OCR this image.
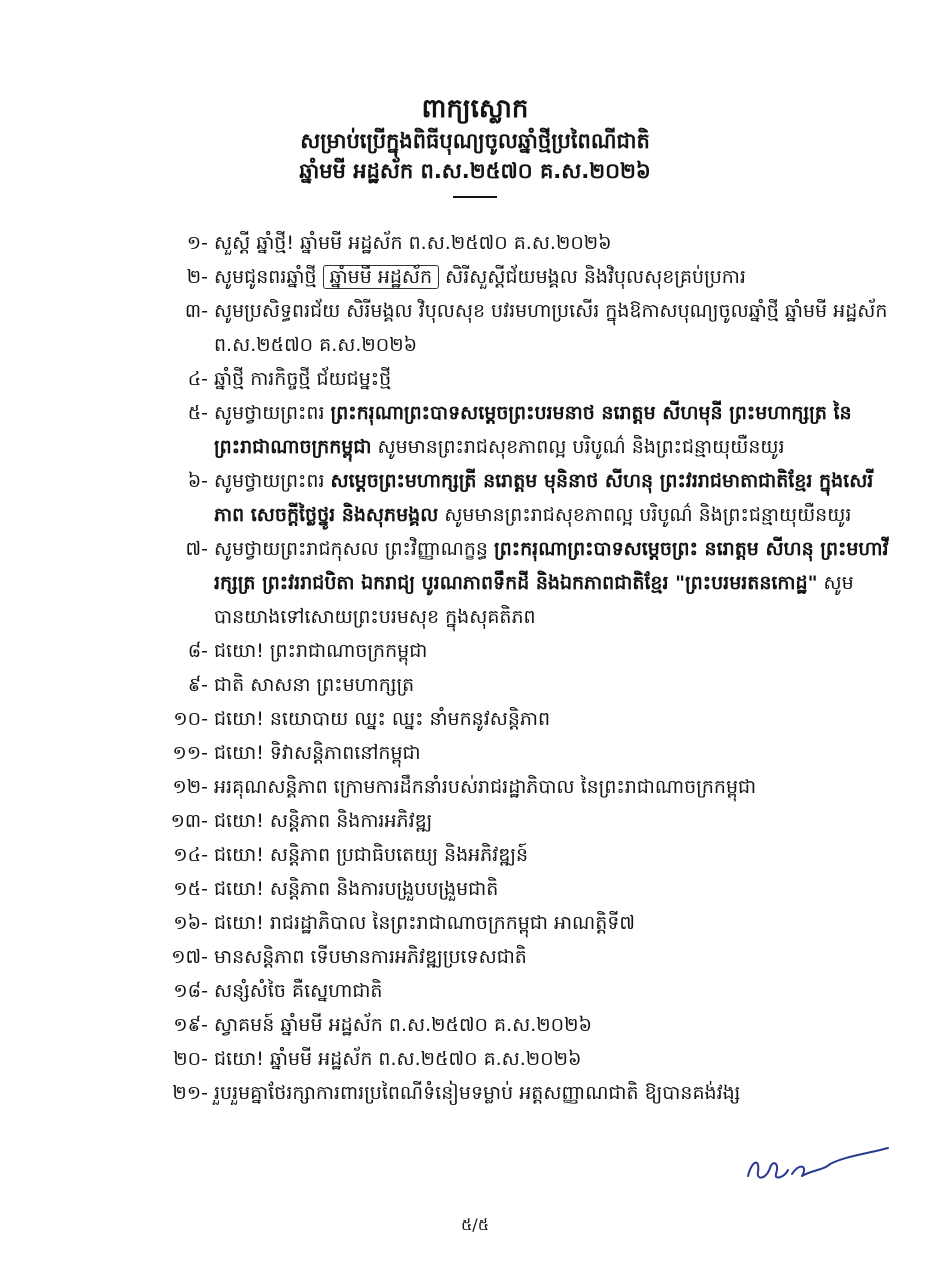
ពាក្យស្លោក

សម្រាប់ប្រើក្នុងពិធីបុណ្យចូលឆ្នាំថ្មីប្រពៃណីជាតិ

ឆ្នាំមមី អដ្ឋស័ក ព.ស.២៥៧០ គ.ស.២០២៦

១- សួស្តី ឆ្នាំថ្មី! ឆ្នាំមមី អដ្ឋស័ក ព.ស.២៥៧០ គ.ស.២០២៦
២- សូមជូនពរឆ្នាំថ្មី ឆ្នាំមមី អដ្ឋស័ក សិរីសួស្តីជ័យមង្គល និងវិបុលសុខគ្រប់ប្រការ
៣- សូមប្រសិទ្ធពរជ័យ សិរីមង្គល វិបុលសុខ បវរមហាប្រសើរ ក្នុងឱកាសបុណ្យចូលឆ្នាំថ្មី ឆ្នាំមមី អដ្ឋស័ក ព.ស.២៥៧០ គ.ស.២០២៦
៤- ឆ្នាំថ្មី ការកិច្ចថ្មី ជ័យជម្នះថ្មី
៥- សូមថ្វាយព្រះពរ ព្រះករុណាព្រះបាទសម្តេចព្រះបរមនាថ នរោត្តម សីហមុនី ព្រះមហាក្សត្រ នៃព្រះរាជាណាចក្រកម្ពុជា សូមមានព្រះរាជសុខភាពល្អ បរិបូណ៌ និងព្រះជន្មាយុយឺនយូរ
៦- សូមថ្វាយព្រះពរ សម្តេចព្រះមហាក្សត្រី នរោត្តម មុនិនាថ សីហនុ ព្រះវររាជមាតាជាតិខ្មែរ ក្នុងសេរីភាព សេចក្តីថ្លៃថ្នូរ និងសុភមង្គល សូមមានព្រះរាជសុខភាពល្អ បរិបូណ៌ និងព្រះជន្មាយុយឺនយូរ
៧- សូមថ្វាយព្រះរាជកុសល ព្រះវិញ្ញាណក្ខន្ធ ព្រះករុណាព្រះបាទសម្តេចព្រះ នរោត្តម សីហនុ ព្រះមហាវីរក្សត្រ ព្រះវររាជបិតា ឯករាជ្យ បូរណភាពទឹកដី និងឯកភាពជាតិខ្មែរ "ព្រះបរមរតនកោដ្ឋ" សូមបានយាងទៅសោយព្រះបរមសុខ ក្នុងសុគតិភព
៨- ជយោ! ព្រះរាជាណាចក្រកម្ពុជា
៩- ជាតិ សាសនា ព្រះមហាក្សត្រ
១០- ជយោ! នយោបាយ ឈ្នះ ឈ្នះ នាំមកនូវសន្តិភាព
១១- ជយោ! ទិវាសន្តិភាពនៅកម្ពុជា
១២- អរគុណសន្តិភាព ក្រោមការដឹកនាំរបស់រាជរដ្ឋាភិបាល នៃព្រះរាជាណាចក្រកម្ពុជា
១៣- ជយោ! សន្តិភាព និងការអភិវឌ្ឍ
១៤- ជយោ! សន្តិភាព ប្រជាធិបតេយ្យ និងអភិវឌ្ឍន៍
១៥- ជយោ! សន្តិភាព និងការបង្រួបបង្រួមជាតិ
១៦- ជយោ! រាជរដ្ឋាភិបាល នៃព្រះរាជាណាចក្រកម្ពុជា អាណត្តិទី៧
១៧- មានសន្តិភាព ទើបមានការអភិវឌ្ឍប្រទេសជាតិ
១៨- សន្សំសំចៃ គឺស្នេហាជាតិ
១៩- ស្វាគមន៍ ឆ្នាំមមី អដ្ឋស័ក ព.ស.២៥៧០ គ.ស.២០២៦
២០- ជយោ! ឆ្នាំមមី អដ្ឋស័ក ព.ស.២៥៧០ គ.ស.២០២៦
២១- រួបរួមគ្នាថែរក្សាការពារប្រពៃណីទំនៀមទម្លាប់ អត្តសញ្ញាណជាតិ ឱ្យបានគង់វង្ស
៥/៥
